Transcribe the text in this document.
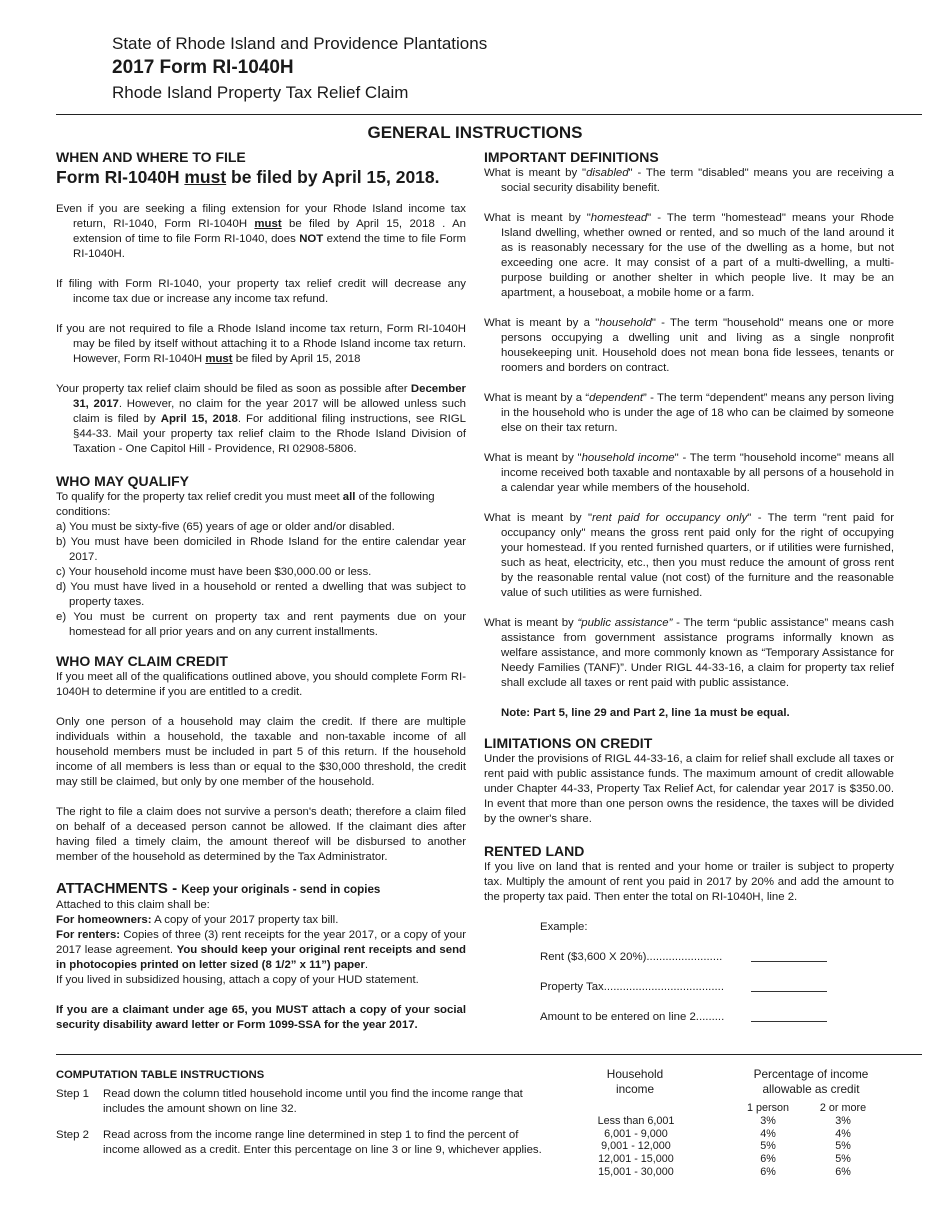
State of Rhode Island and Providence Plantations
2017 Form RI-1040H
Rhode Island Property Tax Relief Claim
GENERAL INSTRUCTIONS
WHEN AND WHERE TO FILE
Form RI-1040H must be filed by April 15, 2018.

Even if you are seeking a filing extension for your Rhode Island income tax return, RI-1040, Form RI-1040H must be filed by April 15, 2018 . An extension of time to file Form RI-1040, does NOT extend the time to file Form RI-1040H.

If filing with Form RI-1040, your property tax relief credit will decrease any income tax due or increase any income tax refund.

If you are not required to file a Rhode Island income tax return, Form RI-1040H may be filed by itself without attaching it to a Rhode Island income tax return. However, Form RI-1040H must be filed by April 15, 2018

Your property tax relief claim should be filed as soon as possible after December 31, 2017. However, no claim for the year 2017 will be allowed unless such claim is filed by April 15, 2018. For additional filing instructions, see RIGL §44-33. Mail your property tax relief claim to the Rhode Island Division of Taxation - One Capitol Hill - Providence, RI 02908-5806.

WHO MAY QUALIFY
To qualify for the property tax relief credit you must meet all of the following conditions:
a) You must be sixty-five (65) years of age or older and/or disabled.
b) You must have been domiciled in Rhode Island for the entire calendar year 2017.
c) Your household income must have been $30,000.00 or less.
d) You must have lived in a household or rented a dwelling that was subject to property taxes.
e) You must be current on property tax and rent payments due on your homestead for all prior years and on any current installments.
WHO MAY CLAIM CREDIT

If you meet all of the qualifications outlined above, you should complete Form RI-1040H to determine if you are entitled to a credit.

Only one person of a household may claim the credit. If there are multiple individuals within a household, the taxable and non-taxable income of all household members must be included in part 5 of this return. If the household income of all members is less than or equal to the $30,000 threshold, the credit may still be claimed, but only by one member of the household.

The right to file a claim does not survive a person's death; therefore a claim filed on behalf of a deceased person cannot be allowed. If the claimant dies after having filed a timely claim, the amount thereof will be disbursed to another member of the household as determined by the Tax Administrator.

ATTACHMENTS - Keep your originals - send in copies
Attached to this claim shall be:
For homeowners: A copy of your 2017 property tax bill.
For renters: Copies of three (3) rent receipts for the year 2017, or a copy of your 2017 lease agreement. You should keep your original rent receipts and send in photocopies printed on letter sized (8 1/2” x 11”) paper.

If you lived in subsidized housing, attach a copy of your HUD statement.

If you are a claimant under age 65, you MUST attach a copy of your social security disability award letter or Form 1099-SSA for the year 2017.

IMPORTANT DEFINITIONS

What is meant by "disabled" - The term "disabled" means you are receiving a social security disability benefit.

What is meant by "homestead" - The term "homestead" means your Rhode Island dwelling, whether owned or rented, and so much of the land around it as is reasonably necessary for the use of the dwelling as a home, but not exceeding one acre. It may consist of a part of a multi-dwelling, a multi-purpose building or another shelter in which people live. It may be an apartment, a houseboat, a mobile home or a farm.

What is meant by a "household" - The term "household" means one or more persons occupying a dwelling unit and living as a single nonprofit housekeeping unit. Household does not mean bona fide lessees, tenants or roomers and borders on contract.

What is meant by a “dependent” - The term “dependent” means any person living in the household who is under the age of 18 who can be claimed by someone else on their tax return.

What is meant by "household income" - The term "household income" means all income received both taxable and nontaxable by all persons of a household in a calendar year while members of the household.

What is meant by "rent paid for occupancy only" - The term "rent paid for occupancy only" means the gross rent paid only for the right of occupying your homestead. If you rented furnished quarters, or if utilities were furnished, such as heat, electricity, etc., then you must reduce the amount of gross rent by the reasonable rental value (not cost) of the furniture and the reasonable value of such utilities as were furnished.

What is meant by “public assistance” - The term “public assistance” means cash assistance from government assistance programs informally known as welfare assistance, and more commonly known as “Temporary Assistance for Needy Families (TANF)”. Under RIGL 44-33-16, a claim for property tax relief shall exclude all taxes or rent paid with public assistance.

Note: Part 5, line 29 and Part 2, line 1a must be equal.

LIMITATIONS ON CREDIT

Under the provisions of RIGL 44-33-16, a claim for relief shall exclude all taxes or rent paid with public assistance funds. The maximum amount of credit allowable under Chapter 44-33, Property Tax Relief Act, for calendar year 2017 is $350.00. In event that more than one person owns the residence, the taxes will be divided by the owner's share.

RENTED LAND

If you live on land that is rented and your home or trailer is subject to property tax. Multiply the amount of rent you paid in 2017 by 20% and add the amount to the property tax paid. Then enter the total on RI-1040H, line 2.

Example:
Rent ($3,600 X 20%)........................
Property Tax......................................
Amount to be entered on line 2.........
COMPUTATION TABLE INSTRUCTIONS
Step 1 Read down the column titled household income until you find the income range that includes the amount shown on line 32.
Step 2 Read across from the income range line determined in step 1 to find the percent of income allowed as a credit. Enter this percentage on line 3 or line 9, whichever applies.
Household
income
Percentage of income
allowable as credit
1 person	2 or more
Less than 6,001
6,001 - 9,000
9,001 - 12,000
12,001 - 15,000
15,001 - 30,000
3%
4%
5%
6%
6%
3%
4%
5%
5%
6%
